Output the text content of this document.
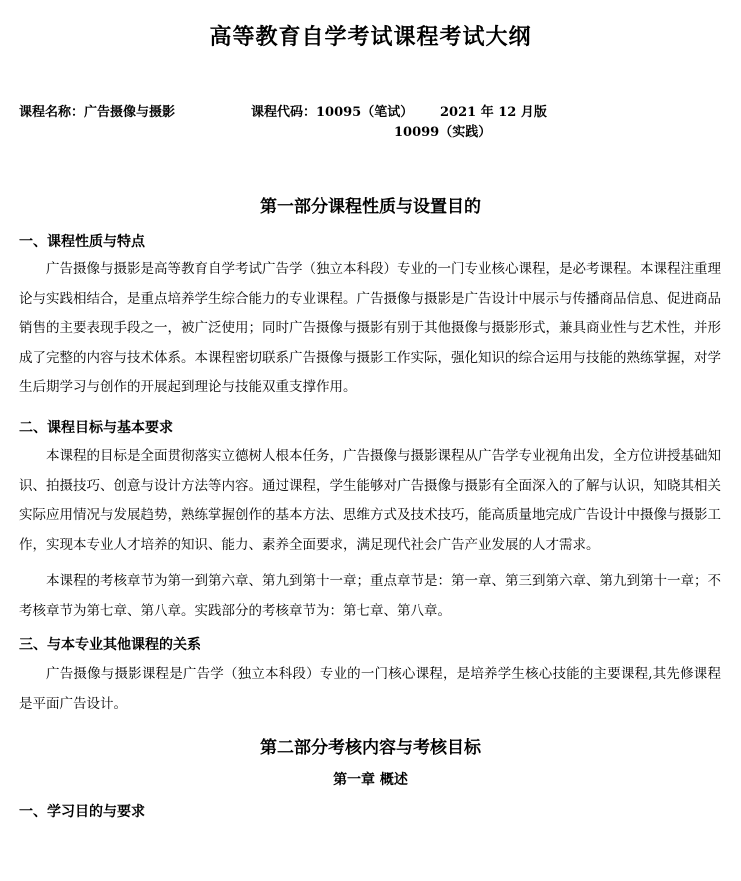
高等教育自学考试课程考试大纲
课程名称：广告摄像与摄影	课程代码：10095（笔试） 2021 年 12 月版
10099（实践）
第一部分课程性质与设置目的
一、课程性质与特点

广告摄像与摄影是高等教育自学考试广告学（独立本科段）专业的一门专业核心课程，是必考课程。本课程注重理论与实践相结合，是重点培养学生综合能力的专业课程。广告摄像与摄影是广告设计中展示与传播商品信息、促进商品销售的主要表现手段之一，被广泛使用；同时广告摄像与摄影有别于其他摄像与摄影形式，兼具商业性与艺术性，并形成了完整的内容与技术体系。本课程密切联系广告摄像与摄影工作实际，强化知识的综合运用与技能的熟练掌握，对学生后期学习与创作的开展起到理论与技能双重支撑作用。

二、课程目标与基本要求

本课程的目标是全面贯彻落实立德树人根本任务，广告摄像与摄影课程从广告学专业视角出发，全方位讲授基础知识、拍摄技巧、创意与设计方法等内容。通过课程，学生能够对广告摄像与摄影有全面深入的了解与认识，知晓其相关实际应用情况与发展趋势，熟练掌握创作的基本方法、思维方式及技术技巧，能高质量地完成广告设计中摄像与摄影工作，实现本专业人才培养的知识、能力、素养全面要求，满足现代社会广告产业发展的人才需求。

本课程的考核章节为第一到第六章、第九到第十一章；重点章节是：第一章、第三到第六章、第九到第十一章；不考核章节为第七章、第八章。实践部分的考核章节为：第七章、第八章。

三、与本专业其他课程的关系

广告摄像与摄影课程是广告学（独立本科段）专业的一门核心课程，是培养学生核心技能的主要课程,其先修课程是平面广告设计。

第二部分考核内容与考核目标
第一章 概述
一、学习目的与要求
